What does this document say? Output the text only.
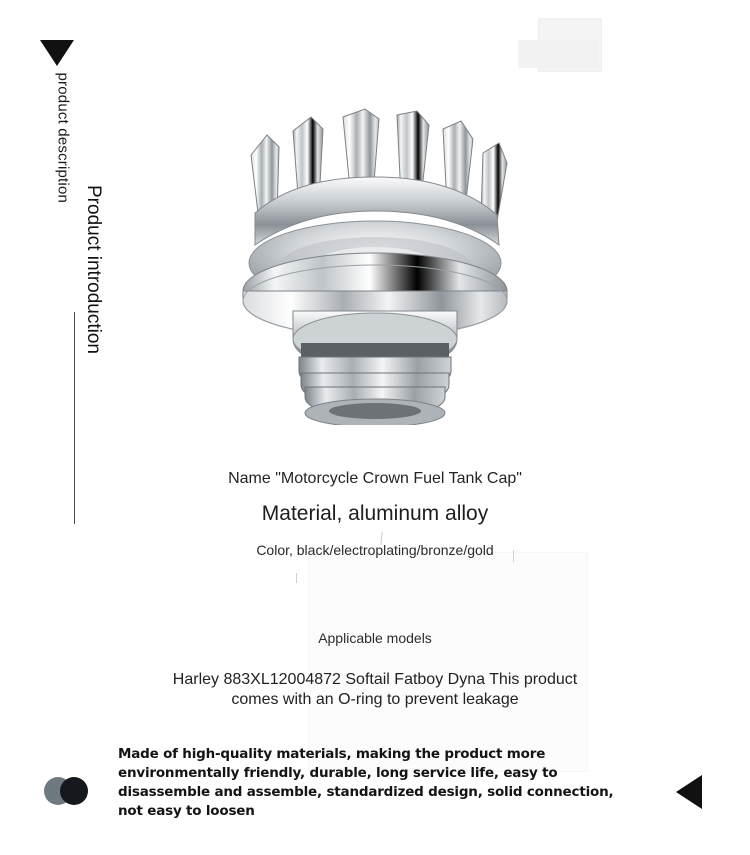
product description
Product introduction
Name "Motorcycle Crown Fuel Tank Cap"
Material, aluminum alloy
Color, black/electroplating/bronze/gold
Applicable models
Harley 883XL12004872 Softail Fatboy Dyna This product comes with an O-ring to prevent leakage
Made of high-quality materials, making the product more environmentally friendly, durable, long service life, easy to disassemble and assemble, standardized design, solid connection, not easy to loosen
